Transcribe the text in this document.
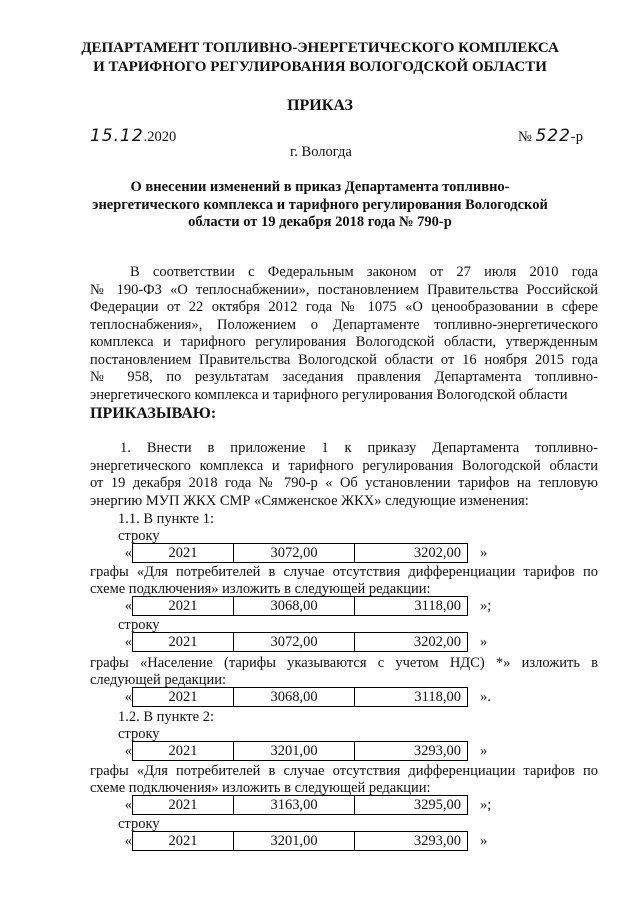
ДЕПАРТАМЕНТ ТОПЛИВНО-ЭНЕРГЕТИЧЕСКОГО КОМПЛЕКСА
И ТАРИФНОГО РЕГУЛИРОВАНИЯ ВОЛОГОДСКОЙ ОБЛАСТИ
ПРИКАЗ
15.12.2020	№ 522-р
г. Вологда
О внесении изменений в приказ Департамента топливно-
энергетического комплекса и тарифного регулирования Вологодской
области от 19 декабря 2018 года № 790-р
В соответствии с Федеральным законом от 27 июля 2010 года
№ 190-ФЗ «О теплоснабжении», постановлением Правительства Российской
Федерации от 22 октября 2012 года № 1075 «О ценообразовании в сфере
теплоснабжения», Положением о Департаменте топливно-энергетического
комплекса и тарифного регулирования Вологодской области, утвержденным
постановлением Правительства Вологодской области от 16 ноября 2015 года
№ 958, по результатам заседания правления Департамента топливно-
энергетического комплекса и тарифного регулирования Вологодской области
ПРИКАЗЫВАЮ:
1. Внести в приложение 1 к приказу Департамента топливно-
энергетического комплекса и тарифного регулирования Вологодской области
от 19 декабря 2018 года № 790-р « Об установлении тарифов на тепловую
энергию МУП ЖКХ СМР «Сямженское ЖКХ» следующие изменения:
1.1. В пункте 1:
строку
«	2021	3072,00	3202,00	»
графы «Для потребителей в случае отсутствия дифференциации тарифов по
схеме подключения» изложить в следующей редакции:
«	2021	3068,00	3118,00	»;
строку
«	2021	3072,00	3202,00	»
графы «Население (тарифы указываются с учетом НДС) *» изложить в
следующей редакции:
«	2021	3068,00	3118,00	».
1.2. В пункте 2:
строку
«	2021	3201,00	3293,00	»
графы «Для потребителей в случае отсутствия дифференциации тарифов по
схеме подключения» изложить в следующей редакции:
«	2021	3163,00	3295,00	»;
строку
«	2021	3201,00	3293,00	»
